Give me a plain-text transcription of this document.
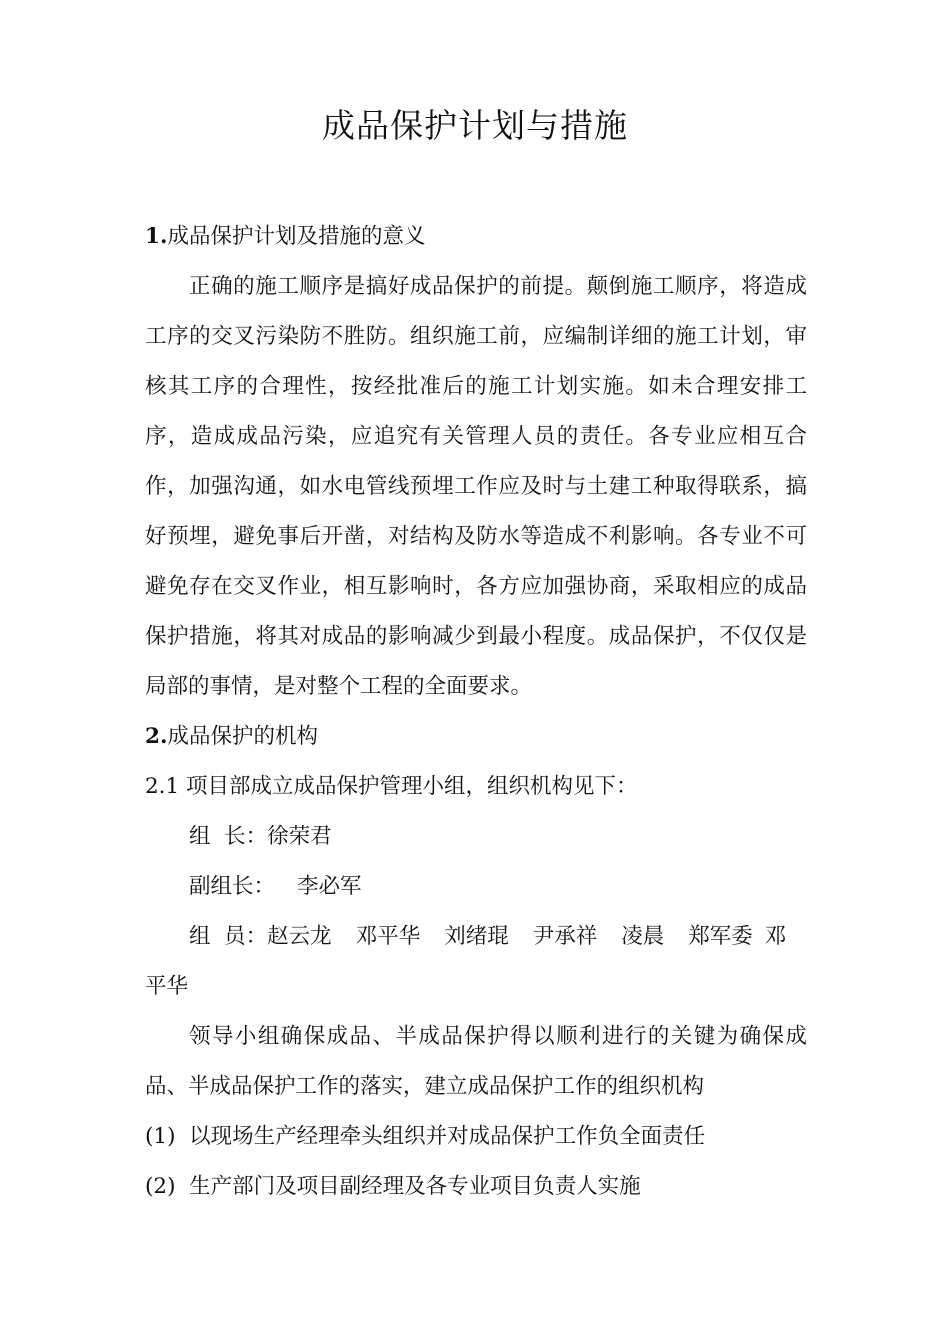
成品保护计划与措施

1.成品保护计划及措施的意义

正确的施工顺序是搞好成品保护的前提。颠倒施工顺序，将造成工序的交叉污染防不胜防。组织施工前，应编制详细的施工计划，审核其工序的合理性，按经批准后的施工计划实施。如未合理安排工序，造成成品污染，应追究有关管理人员的责任。各专业应相互合作，加强沟通，如水电管线预埋工作应及时与土建工种取得联系，搞好预埋，避免事后开凿，对结构及防水等造成不利影响。各专业不可避免存在交叉作业，相互影响时，各方应加强协商，采取相应的成品保护措施，将其对成品的影响减少到最小程度。成品保护，不仅仅是局部的事情，是对整个工程的全面要求。

2.成品保护的机构

2.1 项目部成立成品保护管理小组，组织机构见下：

组  长：徐荣君

副组长： 李必军

组  员：赵云龙 邓平华 刘绪琨 尹承祥 凌晨 郑军委 邓平华

领导小组确保成品、半成品保护得以顺利进行的关键为确保成品、半成品保护工作的落实，建立成品保护工作的组织机构

(1)  以现场生产经理牵头组织并对成品保护工作负全面责任

(2)  生产部门及项目副经理及各专业项目负责人实施
